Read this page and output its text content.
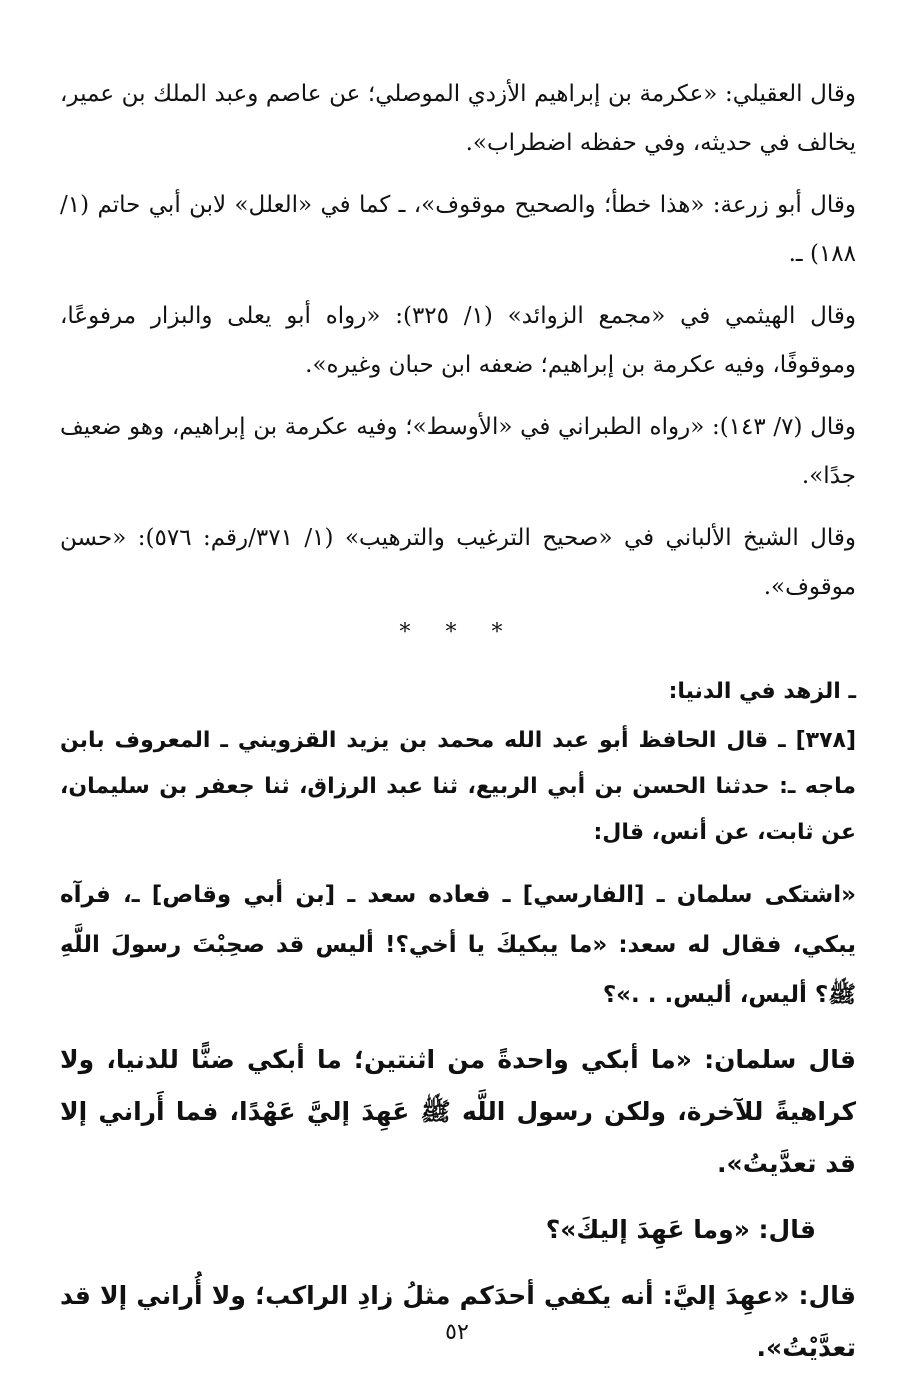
وقال العقيلي: «عكرمة بن إبراهيم الأزدي الموصلي؛ عن عاصم وعبد الملك بن عمير، يخالف في حديثه، وفي حفظه اضطراب».

وقال أبو زرعة: «هذا خطأ؛ والصحيح موقوف»، ـ كما في «العلل» لابن أبي حاتم (١/ ١٨٨) ـ.

وقال الهيثمي في «مجمع الزوائد» (١/ ٣٢٥): «رواه أبو يعلى والبزار مرفوعًا، وموقوفًا، وفيه عكرمة بن إبراهيم؛ ضعفه ابن حبان وغيره».

وقال (٧/ ١٤٣): «رواه الطبراني في «الأوسط»؛ وفيه عكرمة بن إبراهيم، وهو ضعيف جدًا».

وقال الشيخ الألباني في «صحيح الترغيب والترهيب» (١/ ٣٧١/رقم: ٥٧٦): «حسن موقوف».

* * *

ـ الزهد في الدنيا:

[٣٧٨] ـ قال الحافظ أبو عبد الله محمد بن يزيد القزويني ـ المعروف بابن ماجه ـ: حدثنا الحسن بن أبي الربيع، ثنا عبد الرزاق، ثنا جعفر بن سليمان، عن ثابت، عن أنس، قال:

«اشتكى سلمان ـ [الفارسي] ـ فعاده سعد ـ [بن أبي وقاص] ـ، فرآه يبكي، فقال له سعد: «ما يبكيكَ يا أخي؟! أليس قد صحِبْتَ رسولَ اللَّهِ ﷺ؟ أليس، أليس. . .»؟

قال سلمان: «ما أبكي واحدةً من اثنتين؛ ما أبكي ضنًّا للدنيا، ولا كراهيةً للآخرة، ولكن رسول اللَّه ﷺ عَهِدَ إليَّ عَهْدًا، فما أَراني إلا قد تعدَّيتُ».

قال: «وما عَهِدَ إليكَ»؟

قال: «عهِدَ إليَّ: أنه يكفي أحدَكم مثلُ زادِ الراكب؛ ولا أُراني إلا قد تعدَّيْتُ».

٥٢
